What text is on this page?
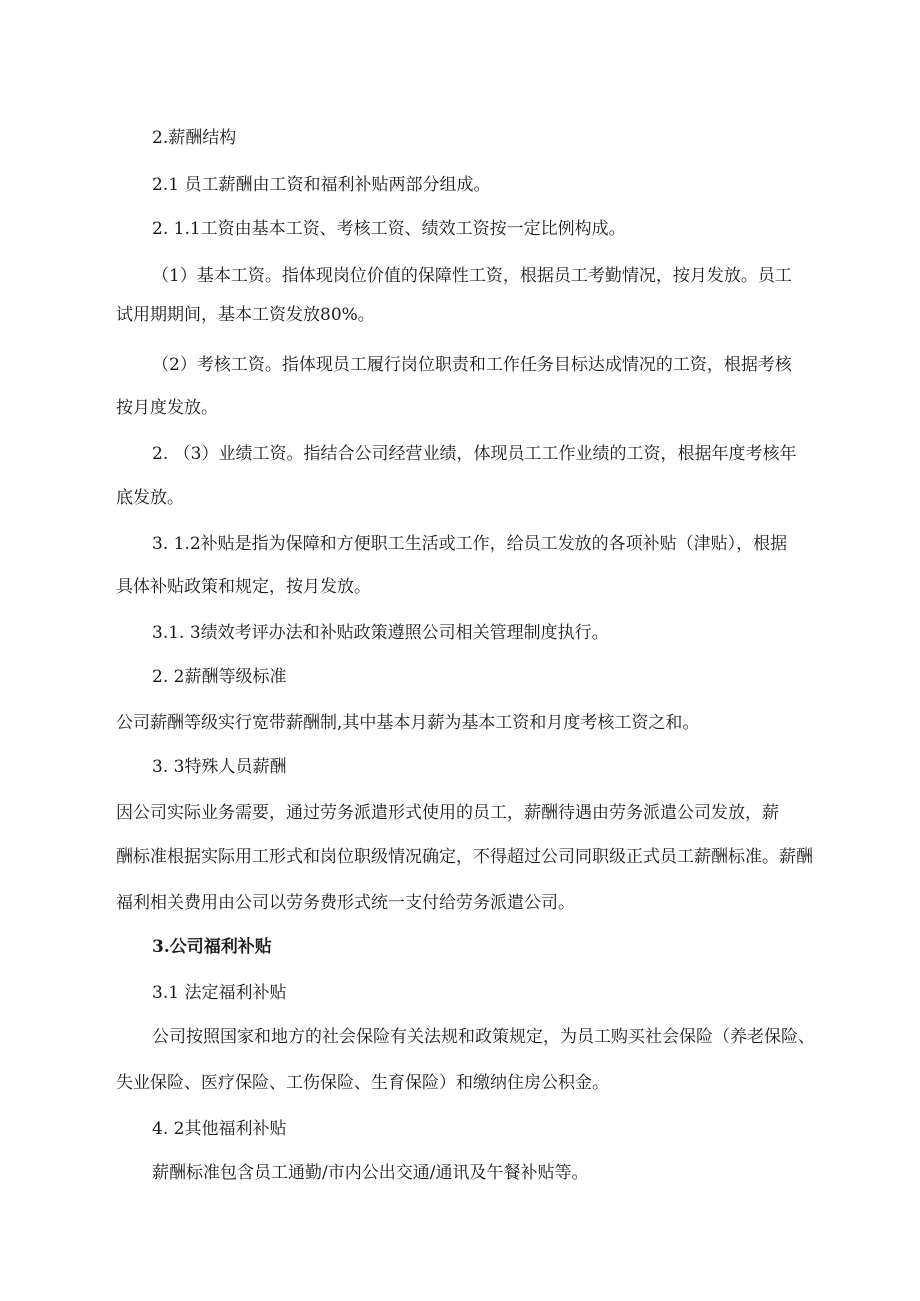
2.薪酬结构
2.1 员工薪酬由工资和福利补贴两部分组成。
2. 1.1工资由基本工资、考核工资、绩效工资按一定比例构成。
（1）基本工资。指体现岗位价值的保障性工资，根据员工考勤情况，按月发放。员工
试用期期间，基本工资发放80%。
（2）考核工资。指体现员工履行岗位职责和工作任务目标达成情况的工资，根据考核
按月度发放。
2. （3）业绩工资。指结合公司经营业绩，体现员工工作业绩的工资，根据年度考核年
底发放。
3. 1.2补贴是指为保障和方便职工生活或工作，给员工发放的各项补贴（津贴），根据
具体补贴政策和规定，按月发放。
3.1. 3绩效考评办法和补贴政策遵照公司相关管理制度执行。
2. 2薪酬等级标准
公司薪酬等级实行宽带薪酬制,其中基本月薪为基本工资和月度考核工资之和。
3. 3特殊人员薪酬
因公司实际业务需要，通过劳务派遣形式使用的员工，薪酬待遇由劳务派遣公司发放，薪
酬标准根据实际用工形式和岗位职级情况确定，不得超过公司同职级正式员工薪酬标准。薪酬
福利相关费用由公司以劳务费形式统一支付给劳务派遣公司。
3.公司福利补贴
3.1 法定福利补贴
公司按照国家和地方的社会保险有关法规和政策规定，为员工购买社会保险（养老保险、
失业保险、医疗保险、工伤保险、生育保险）和缴纳住房公积金。
4. 2其他福利补贴
薪酬标准包含员工通勤/市内公出交通/通讯及午餐补贴等。
